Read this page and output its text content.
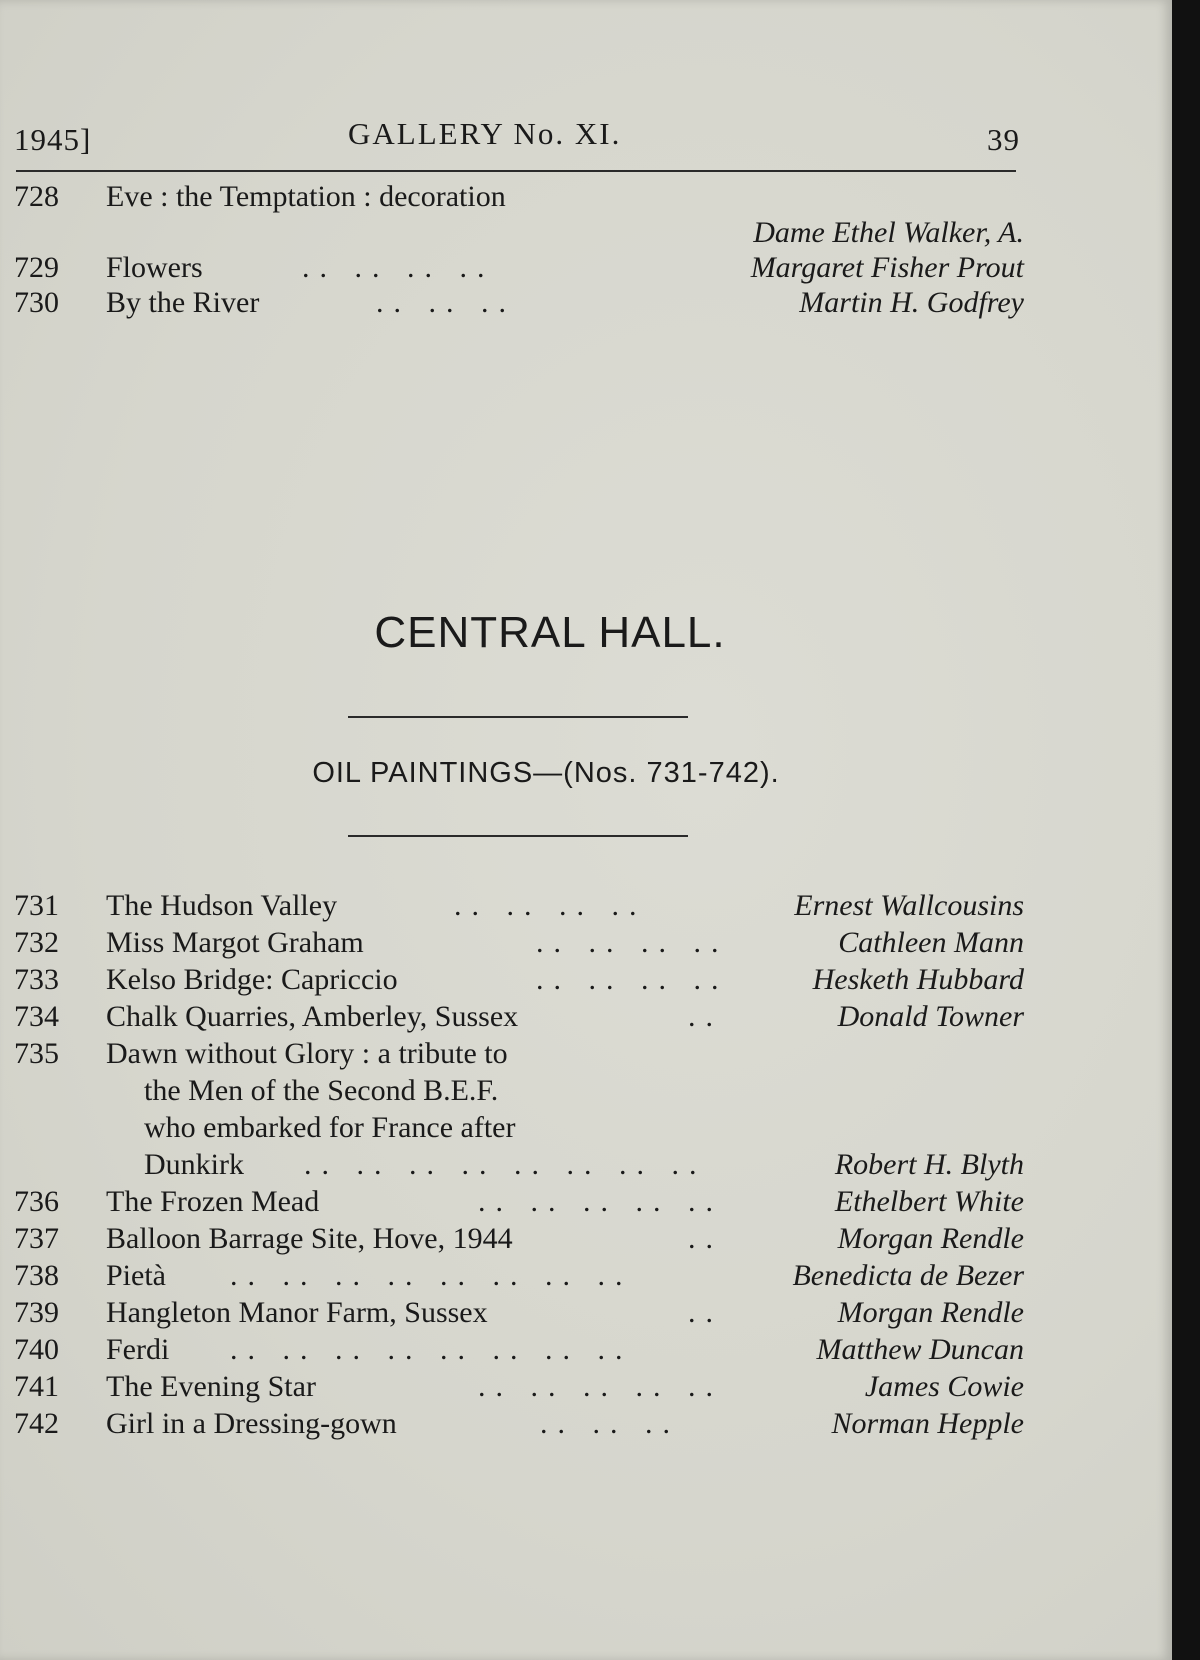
1945]	GALLERY No. XI.	39
728	Eve : the Temptation : decoration
Dame Ethel Walker, A.
729	Flowers	.. .. .. ..	Margaret Fisher Prout
730	By the River	.. .. ..	Martin H. Godfrey
CENTRAL HALL.
OIL PAINTINGS—(Nos. 731-742).
731	The Hudson Valley	.. .. .. ..	Ernest Wallcousins
732	Miss Margot Graham	.. .. .. ..	Cathleen Mann
733	Kelso Bridge: Capriccio	.. .. .. ..	Hesketh Hubbard
734	Chalk Quarries, Amberley, Sussex	..	Donald Towner
735	Dawn without Glory : a tribute to
the Men of the Second B.E.F.
who embarked for France after
Dunkirk .. .. .. .. .. .. .. ..	Robert H. Blyth
736	The Frozen Mead	.. .. .. .. ..	Ethelbert White
737	Balloon Barrage Site, Hove, 1944	..	Morgan Rendle
738	Pietà .. .. .. .. .. .. .. ..	Benedicta de Bezer
739	Hangleton Manor Farm, Sussex	..	Morgan Rendle
740	Ferdi .. .. .. .. .. .. .. ..	Matthew Duncan
741	The Evening Star	.. .. .. .. ..	James Cowie
742	Girl in a Dressing-gown	.. .. ..	Norman Hepple
